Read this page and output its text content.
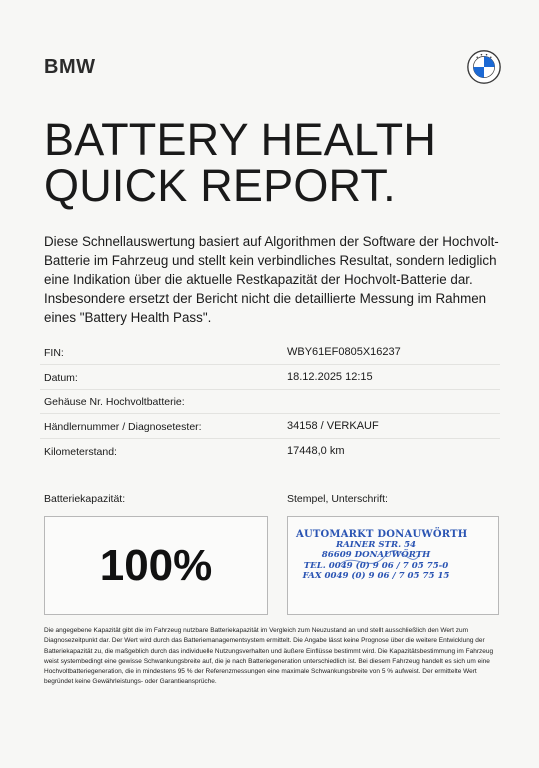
BMW
BATTERY HEALTH
QUICK REPORT.
Diese Schnellauswertung basiert auf Algorithmen der Software der Hochvolt-Batterie im Fahrzeug und stellt kein verbindliches Resultat, sondern lediglich eine Indikation über die aktuelle Restkapazität der Hochvolt-Batterie dar. Insbesondere ersetzt der Bericht nicht die detaillierte Messung im Rahmen eines "Battery Health Pass".
FIN:	WBY61EF0805X16237
Datum:	18.12.2025 12:15
Gehäuse Nr. Hochvoltbatterie:
Händlernummer / Diagnosetester:	34158 / VERKAUF
Kilometerstand:	17448,0 km
Batteriekapazität:
100%
Stempel, Unterschrift:
AUTOMARKT DONAUWÖRTH
RAINER STR. 54
86609 DONAUWÖRTH
TEL. 0049 (0) 9 06 / 7 05 75-0
FAX 0049 (0) 9 06 / 7 05 75 15
Die angegebene Kapazität gibt die im Fahrzeug nutzbare Batteriekapazität im Vergleich zum Neuzustand an und stellt ausschließlich den Wert zum Diagnosezeitpunkt dar. Der Wert wird durch das Batteriemanagementsystem ermittelt. Die Angabe lässt keine Prognose über die weitere Entwicklung der Batteriekapazität zu, die maßgeblich durch das individuelle Nutzungsverhalten und äußere Einflüsse bestimmt wird. Die Kapazitätsbestimmung im Fahrzeug weist systembedingt eine gewisse Schwankungsbreite auf, die je nach Batteriegeneration unterschiedlich ist. Bei diesem Fahrzeug handelt es sich um eine Hochvoltbatteriegeneration, die in mindestens 95 % der Referenzmessungen eine maximale Schwankungsbreite von 5 % aufweist. Der ermittelte Wert begründet keine Gewährleistungs- oder Garantieansprüche.
